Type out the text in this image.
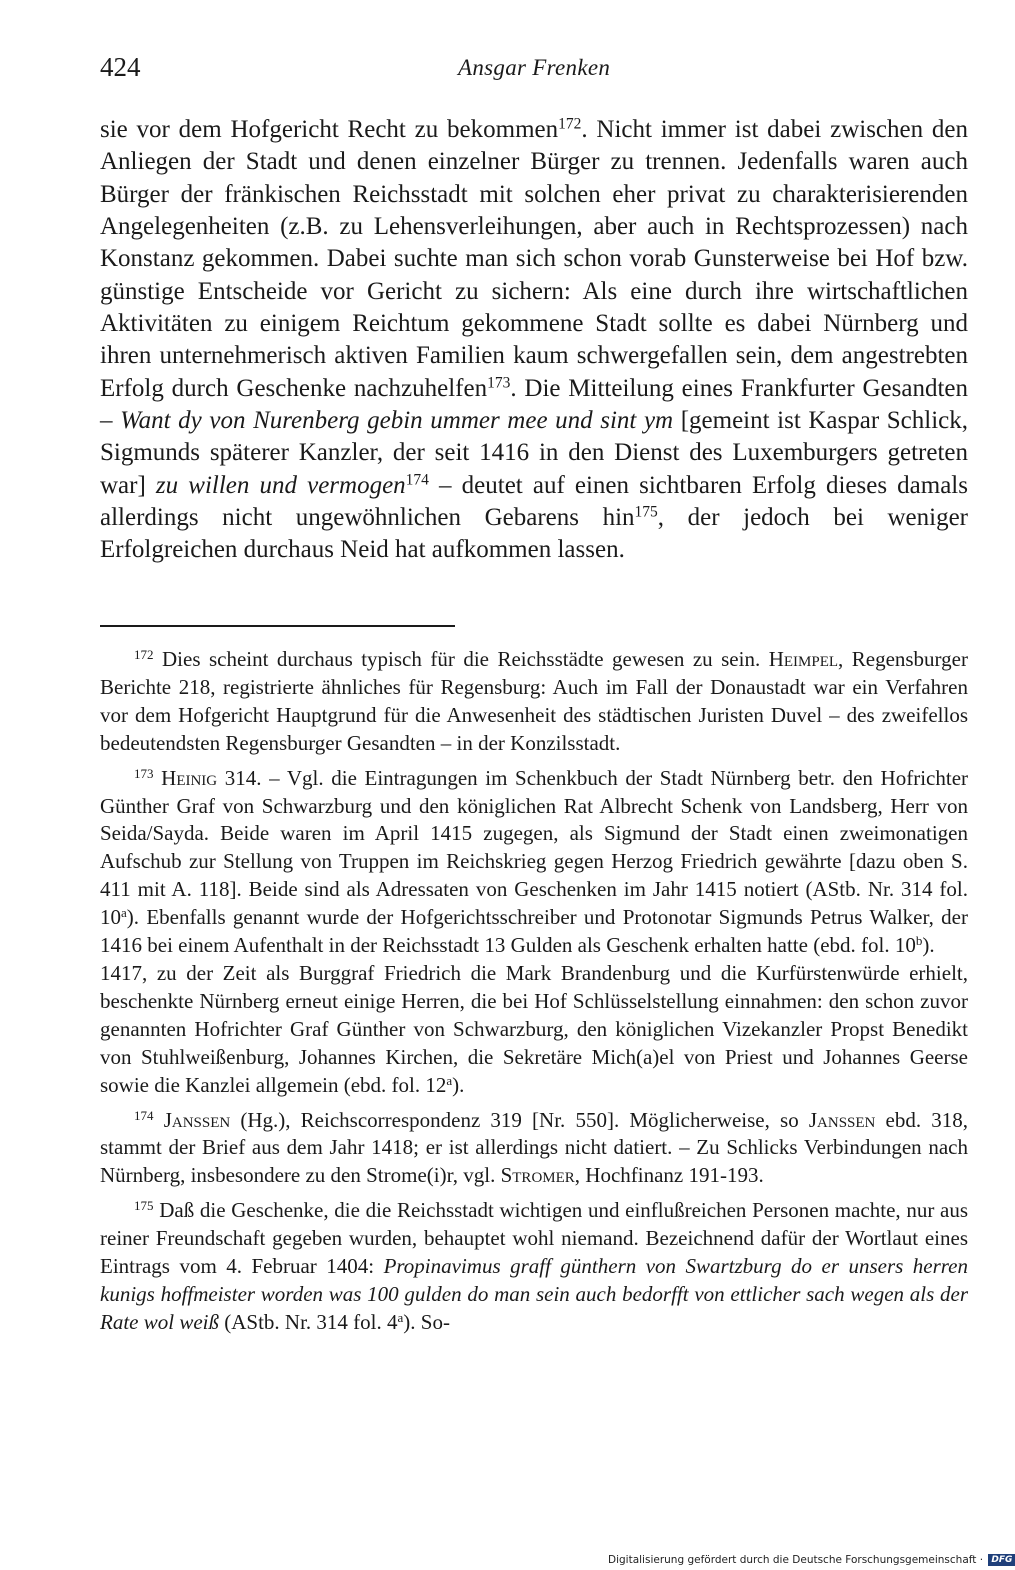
424	Ansgar Frenken

sie vor dem Hofgericht Recht zu bekommen$^{172}$. Nicht immer ist dabei zwischen den Anliegen der Stadt und denen einzelner Bürger zu trennen. Jedenfalls waren auch Bürger der fränkischen Reichsstadt mit solchen eher privat zu charakterisierenden Angelegenheiten (z.B. zu Lehensverleihungen, aber auch in Rechtsprozessen) nach Konstanz gekommen. Dabei suchte man sich schon vorab Gunsterweise bei Hof bzw. günstige Entscheide vor Gericht zu sichern: Als eine durch ihre wirtschaftlichen Aktivitäten zu einigem Reichtum gekommene Stadt sollte es dabei Nürnberg und ihren unternehmerisch aktiven Familien kaum schwergefallen sein, dem angestrebten Erfolg durch Geschenke nachzuhelfen$^{173}$. Die Mitteilung eines Frankfurter Gesandten – Want dy von Nurenberg gebin ummer mee und sint ym [gemeint ist Kaspar Schlick, Sigmunds späterer Kanzler, der seit 1416 in den Dienst des Luxemburgers getreten war] zu willen und vermogen$^{174}$ – deutet auf einen sichtbaren Erfolg dieses damals allerdings nicht ungewöhnlichen Gebarens hin$^{175}$, der jedoch bei weniger Erfolgreichen durchaus Neid hat aufkommen lassen.

$^{172}$ Dies scheint durchaus typisch für die Reichsstädte gewesen zu sein. Heimpel, Regensburger Berichte 218, registrierte ähnliches für Regensburg: Auch im Fall der Donaustadt war ein Verfahren vor dem Hofgericht Hauptgrund für die Anwesenheit des städtischen Juristen Duvel – des zweifellos bedeutendsten Regensburger Gesandten – in der Konzilsstadt.

$^{173}$ Heinig 314. – Vgl. die Eintragungen im Schenkbuch der Stadt Nürnberg betr. den Hofrichter Günther Graf von Schwarzburg und den königlichen Rat Albrecht Schenk von Landsberg, Herr von Seida/Sayda. Beide waren im April 1415 zugegen, als Sigmund der Stadt einen zweimonatigen Aufschub zur Stellung von Truppen im Reichskrieg gegen Herzog Friedrich gewährte [dazu oben S. 411 mit A. 118]. Beide sind als Adressaten von Geschenken im Jahr 1415 notiert (AStb. Nr. 314 fol. 10$^a$). Ebenfalls genannt wurde der Hofgerichtsschreiber und Protonotar Sigmunds Petrus Walker, der 1416 bei einem Aufenthalt in der Reichsstadt 13 Gulden als Geschenk erhalten hatte (ebd. fol. 10$^b$).

1417, zu der Zeit als Burggraf Friedrich die Mark Brandenburg und die Kurfürstenwürde erhielt, beschenkte Nürnberg erneut einige Herren, die bei Hof Schlüsselstellung einnahmen: den schon zuvor genannten Hofrichter Graf Günther von Schwarzburg, den königlichen Vizekanzler Propst Benedikt von Stuhlweißenburg, Johannes Kirchen, die Sekretäre Mich(a)el von Priest und Johannes Geerse sowie die Kanzlei allgemein (ebd. fol. 12$^a$).

$^{174}$ Janssen (Hg.), Reichscorrespondenz 319 [Nr. 550]. Möglicherweise, so Janssen ebd. 318, stammt der Brief aus dem Jahr 1418; er ist allerdings nicht datiert. – Zu Schlicks Verbindungen nach Nürnberg, insbesondere zu den Strome(i)r, vgl. Stromer, Hochfinanz 191-193.

$^{175}$ Daß die Geschenke, die die Reichsstadt wichtigen und einflußreichen Personen machte, nur aus reiner Freundschaft gegeben wurden, behauptet wohl niemand. Bezeichnend dafür der Wortlaut eines Eintrags vom 4. Februar 1404: Propinavimus graff günthern von Swartzburg do er unsers herren kunigs hoffmeister worden was 100 gulden do man sein auch bedorfft von ettlicher sach wegen als der Rate wol weiß (AStb. Nr. 314 fol. 4$^a$). So-

Digitalisierung gefördert durch die Deutsche Forschungsgemeinschaft · DFG
